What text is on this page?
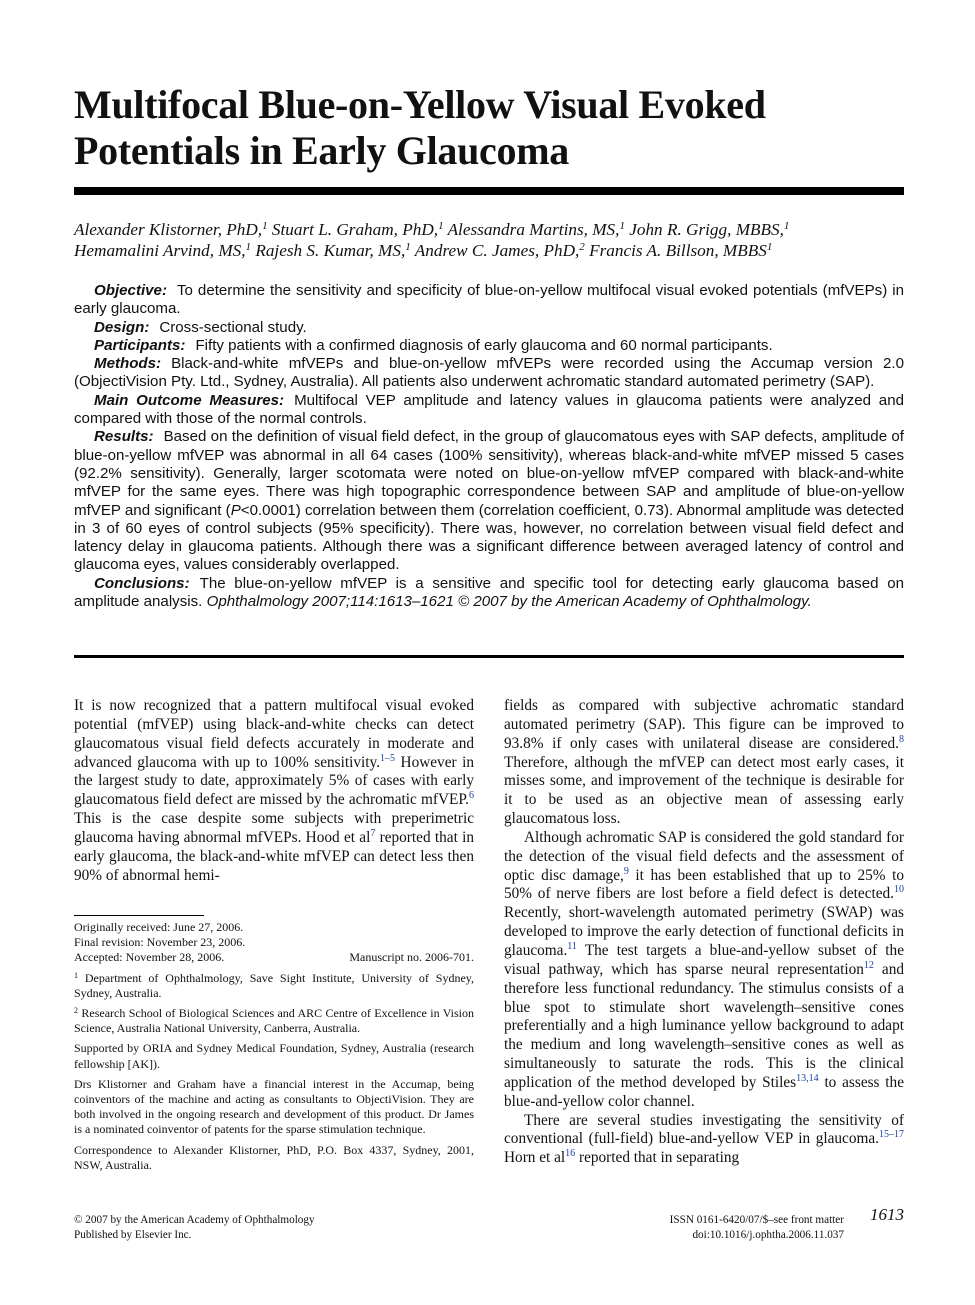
Multifocal Blue-on-Yellow Visual Evoked Potentials in Early Glaucoma
Alexander Klistorner, PhD,$^1$ Stuart L. Graham, PhD,$^1$ Alessandra Martins, MS,$^1$ John R. Grigg, MBBS,$^1$
Hemamalini Arvind, MS,$^1$ Rajesh S. Kumar, MS,$^1$ Andrew C. James, PhD,$^2$ Francis A. Billson, MBBS$^1$

Objective: To determine the sensitivity and specificity of blue-on-yellow multifocal visual evoked potentials (mfVEPs) in early glaucoma.

Design: Cross-sectional study.

Participants: Fifty patients with a confirmed diagnosis of early glaucoma and 60 normal participants.

Methods: Black-and-white mfVEPs and blue-on-yellow mfVEPs were recorded using the Accumap version 2.0 (ObjectiVision Pty. Ltd., Sydney, Australia). All patients also underwent achromatic standard automated perimetry (SAP).

Main Outcome Measures: Multifocal VEP amplitude and latency values in glaucoma patients were analyzed and compared with those of the normal controls.

Results: Based on the definition of visual field defect, in the group of glaucomatous eyes with SAP defects, amplitude of blue-on-yellow mfVEP was abnormal in all 64 cases (100% sensitivity), whereas black-and-white mfVEP missed 5 cases (92.2% sensitivity). Generally, larger scotomata were noted on blue-on-yellow mfVEP compared with black-and-white mfVEP for the same eyes. There was high topographic correspondence between SAP and amplitude of blue-on-yellow mfVEP and significant (P<0.0001) correlation between them (correlation coefficient, 0.73). Abnormal amplitude was detected in 3 of 60 eyes of control subjects (95% specificity). There was, however, no correlation between visual field defect and latency delay in glaucoma patients. Although there was a significant difference between averaged latency of control and glaucoma eyes, values considerably overlapped.

Conclusions: The blue-on-yellow mfVEP is a sensitive and specific tool for detecting early glaucoma based on amplitude analysis. Ophthalmology 2007;114:1613–1621 © 2007 by the American Academy of Ophthalmology.

It is now recognized that a pattern multifocal visual evoked potential (mfVEP) using black-and-white checks can detect glaucomatous visual field defects accurately in moderate and advanced glaucoma with up to 100% sensitivity.$^{1-5}$ However in the largest study to date, approximately 5% of cases with early glaucomatous field defect are missed by the achromatic mfVEP.$^6$ This is the case despite some subjects with preperimetric glaucoma having abnormal mfVEPs. Hood et $al^7$ reported that in early glaucoma, the black-and-white mfVEP can detect less then 90% of abnormal hemi-

Originally received: June 27, 2006.

Final revision: November 23, 2006.

Accepted: November 28, 2006.	Manuscript no. 2006-701.

$^1$ Department of Ophthalmology, Save Sight Institute, University of Sydney, Sydney, Australia.

$^2$ Research School of Biological Sciences and ARC Centre of Excellence in Vision Science, Australia National University, Canberra, Australia.

Supported by ORIA and Sydney Medical Foundation, Sydney, Australia (research fellowship [AK]).

Drs Klistorner and Graham have a financial interest in the Accumap, being coinventors of the machine and acting as consultants to ObjectiVision. They are both involved in the ongoing research and development of this product. Dr James is a nominated coinventor of patents for the sparse stimulation technique.

Correspondence to Alexander Klistorner, PhD, P.O. Box 4337, Sydney, 2001, NSW, Australia.

fields as compared with subjective achromatic standard automated perimetry (SAP). This figure can be improved to 93.8% if only cases with unilateral disease are considered.$^8$ Therefore, although the mfVEP can detect most early cases, it misses some, and improvement of the technique is desirable for it to be used as an objective mean of assessing early glaucomatous loss.

Although achromatic SAP is considered the gold standard for the detection of the visual field defects and the assessment of optic disc damage,$^9$ it has been established that up to 25% to 50% of nerve fibers are lost before a field defect is detected.$^{10}$ Recently, short-wavelength automated perimetry (SWAP) was developed to improve the early detection of functional deficits in glaucoma.$^{11}$ The test targets a blue-and-yellow subset of the visual pathway, which has sparse neural representation$^{12}$ and therefore less functional redundancy. The stimulus consists of a blue spot to stimulate short wavelength–sensitive cones preferentially and a high luminance yellow background to adapt the medium and long wavelength–sensitive cones as well as simultaneously to saturate the rods. This is the clinical application of the method developed by Stiles$^{13,14}$ to assess the blue-and-yellow color channel.

There are several studies investigating the sensitivity of conventional (full-field) blue-and-yellow VEP in glaucoma.$^{15-17}$ Horn et $al^{16}$ reported that in separating

© 2007 by the American Academy of Ophthalmology
Published by Elsevier Inc.
ISSN 0161-6420/07/$–see front matter
doi:10.1016/j.ophtha.2006.11.037
1613
